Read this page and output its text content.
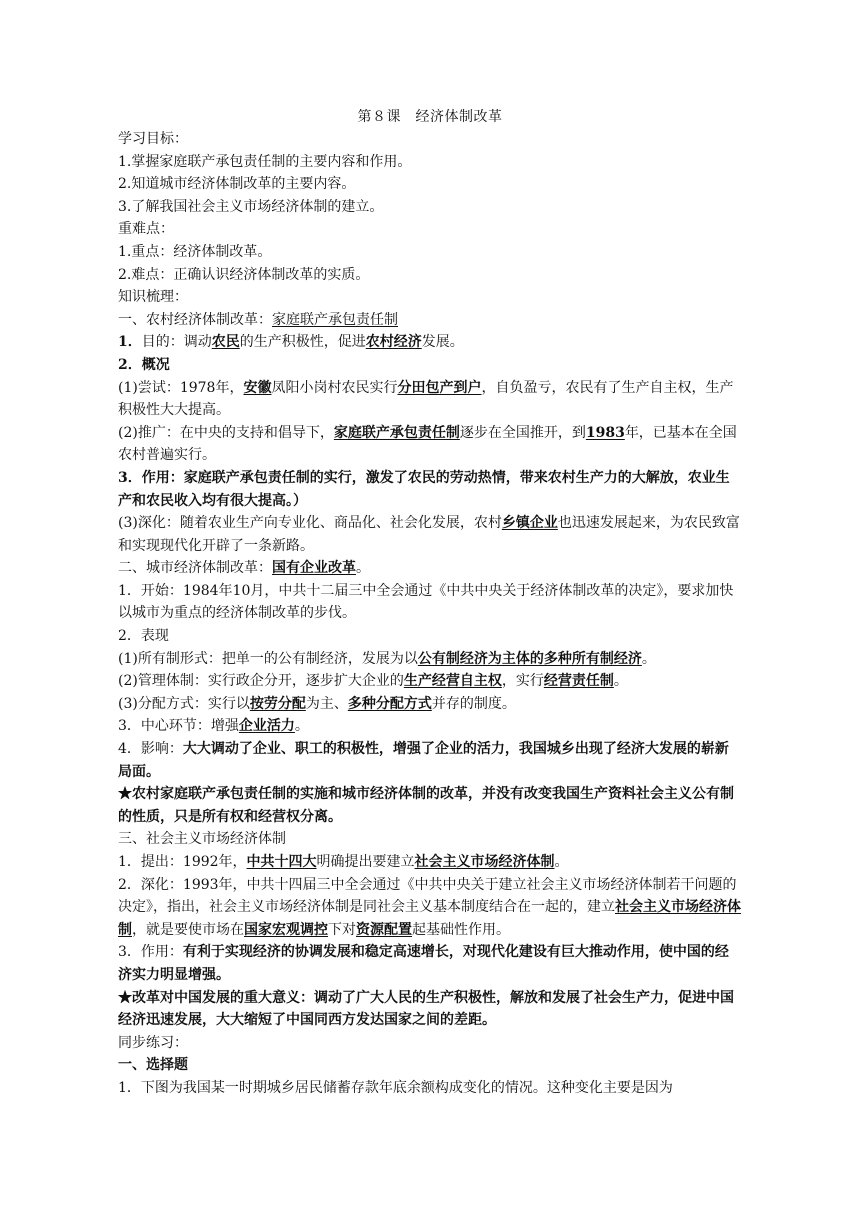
第８课　经济体制改革

学习目标：

1.掌握家庭联产承包责任制的主要内容和作用。

2.知道城市经济体制改革的主要内容。

3.了解我国社会主义市场经济体制的建立。

重难点：

1.重点：经济体制改革。

2.难点：正确认识经济体制改革的实质。

知识梳理：

一、农村经济体制改革：家庭联产承包责任制

1．目的：调动农民的生产积极性，促进农村经济发展。

2．概况

(1)尝试：1978年，安徽凤阳小岗村农民实行分田包产到户，自负盈亏，农民有了生产自主权，生产积极性大大提高。

(2)推广：在中央的支持和倡导下，家庭联产承包责任制逐步在全国推开，到1983年，已基本在全国农村普遍实行。

3．作用：家庭联产承包责任制的实行，激发了农民的劳动热情，带来农村生产力的大解放，农业生产和农民收入均有很大提高。）

(3)深化：随着农业生产向专业化、商品化、社会化发展，农村乡镇企业也迅速发展起来，为农民致富和实现现代化开辟了一条新路。

二、城市经济体制改革：国有企业改革。

1．开始：1984年10月，中共十二届三中全会通过《中共中央关于经济体制改革的决定》，要求加快以城市为重点的经济体制改革的步伐。

2．表现

(1)所有制形式：把单一的公有制经济，发展为以公有制经济为主体的多种所有制经济。

(2)管理体制：实行政企分开，逐步扩大企业的生产经营自主权，实行经营责任制。

(3)分配方式：实行以按劳分配为主、多种分配方式并存的制度。

3．中心环节：增强企业活力。

4．影响：大大调动了企业、职工的积极性，增强了企业的活力，我国城乡出现了经济大发展的崭新局面。

★农村家庭联产承包责任制的实施和城市经济体制的改革，并没有改变我国生产资料社会主义公有制的性质，只是所有权和经营权分离。

三、社会主义市场经济体制

1．提出：1992年，中共十四大明确提出要建立社会主义市场经济体制。

2．深化：1993年，中共十四届三中全会通过《中共中央关于建立社会主义市场经济体制若干问题的决定》，指出，社会主义市场经济体制是同社会主义基本制度结合在一起的，建立社会主义市场经济体制，就是要使市场在国家宏观调控下对资源配置起基础性作用。

3．作用：有利于实现经济的协调发展和稳定高速增长，对现代化建设有巨大推动作用，使中国的经济实力明显增强。

★改革对中国发展的重大意义：调动了广大人民的生产积极性，解放和发展了社会生产力，促进中国经济迅速发展，大大缩短了中国同西方发达国家之间的差距。

同步练习：

一、选择题

1．下图为我国某一时期城乡居民储蓄存款年底余额构成变化的情况。这种变化主要是因为
